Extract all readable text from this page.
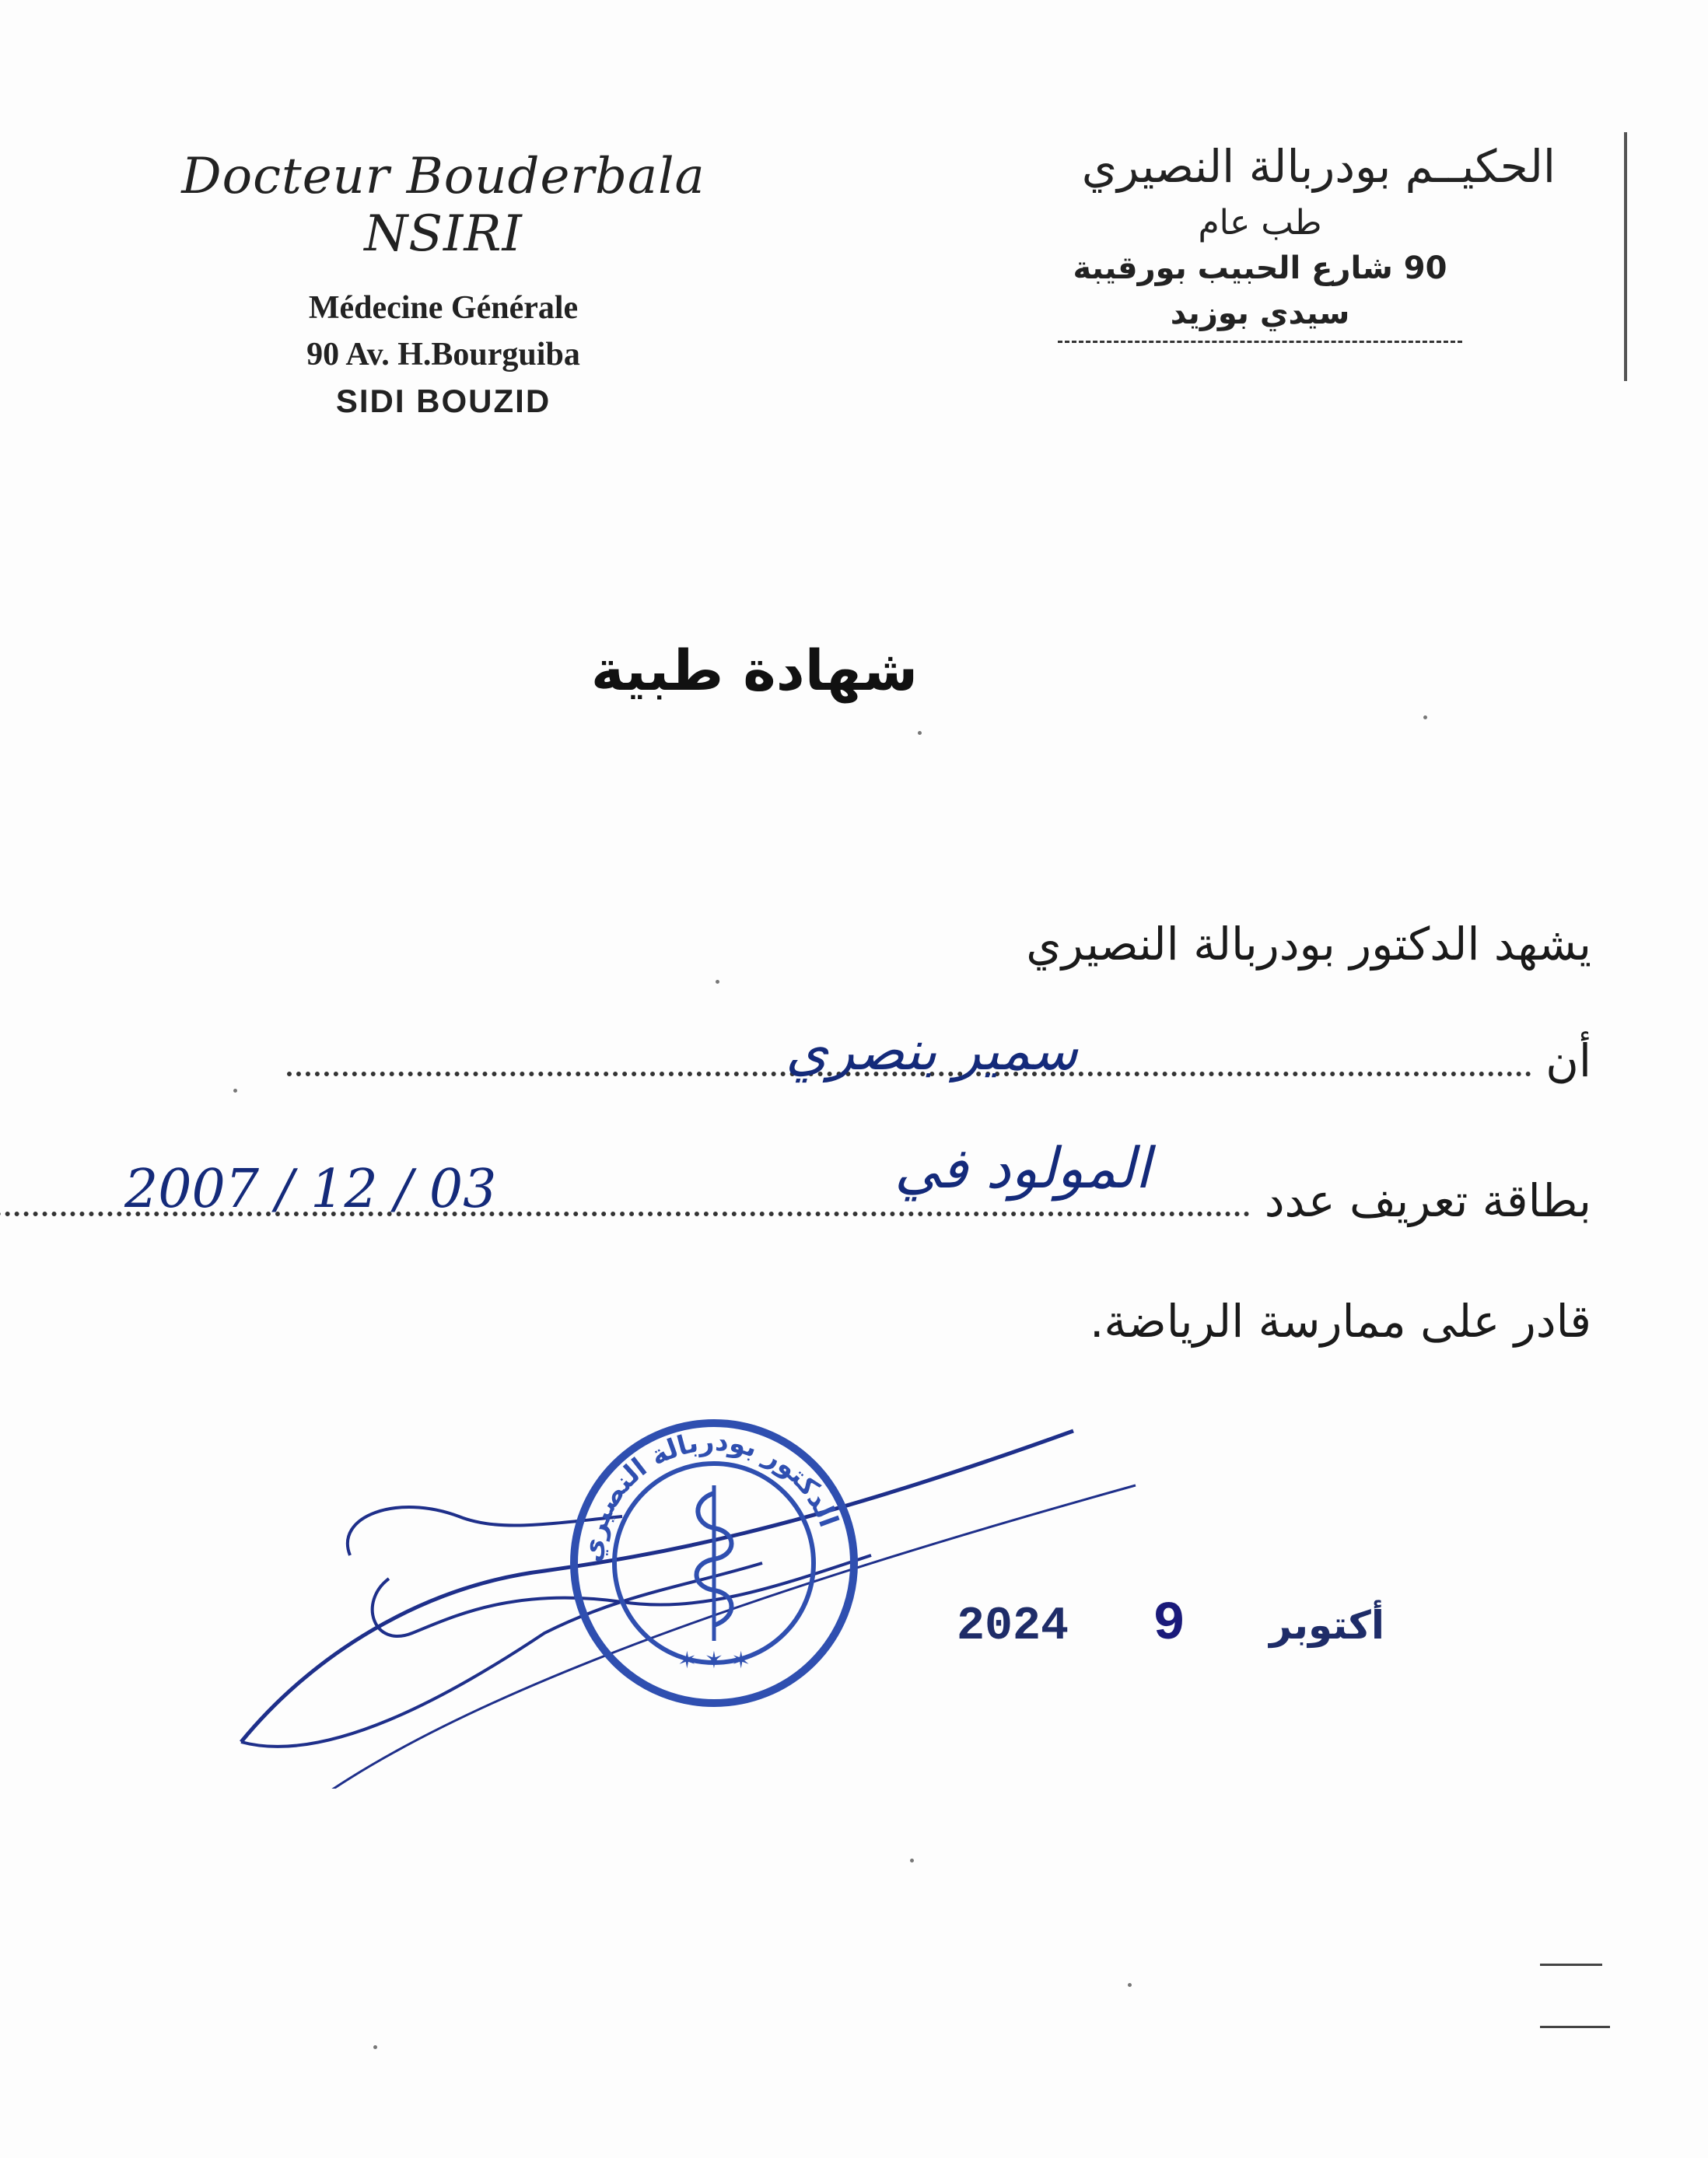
Docteur Bouderbala NSIRI
Médecine Générale
90 Av. H.Bourguiba
SIDI BOUZID
الحكيــم بودربالة النصيري
طب عام
90 شارع الحبيب بورقيبة
سيدي بوزيد
شهادة طبية
يشهد الدكتور بودربالة النصيري
أن
سمير بنصري
بطاقة تعريف عدد
المولود في
2007 / 12 / 03
قادر على ممارسة الرياضة.
الدكتور بودربالة النصيري
✶ ✶ ✶
2024	أكتوبر   9
